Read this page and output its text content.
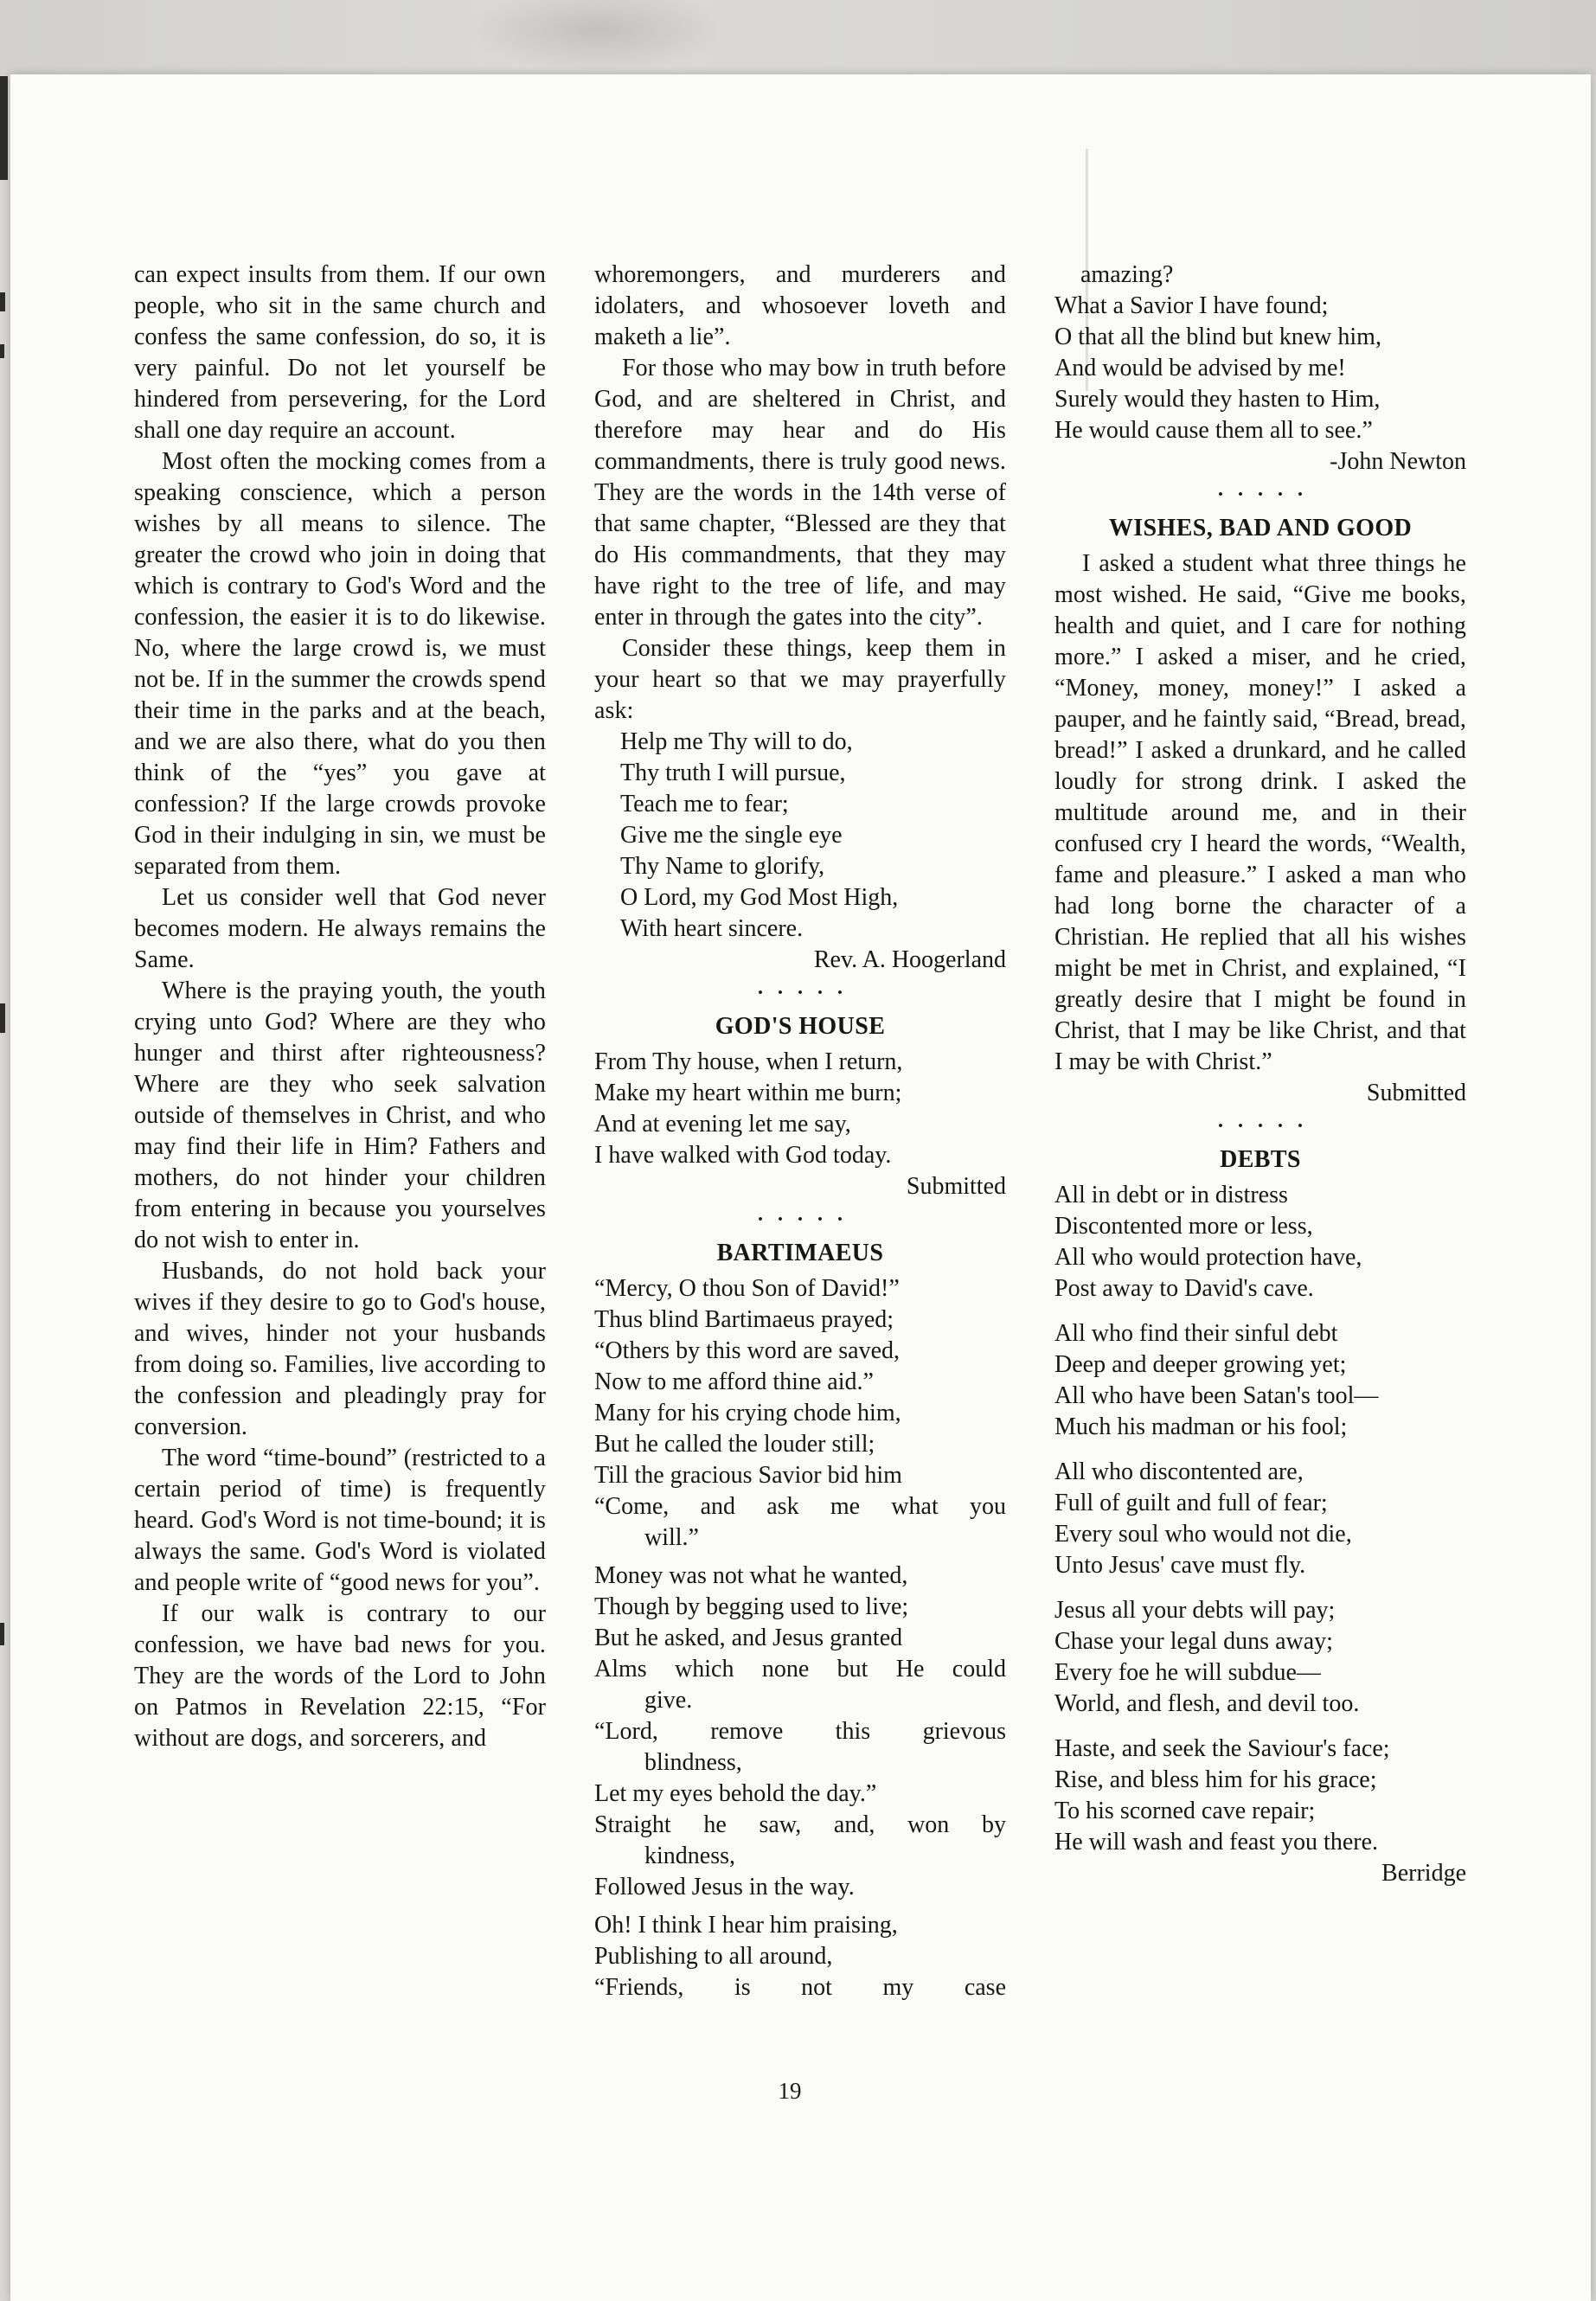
can expect insults from them. If our own people, who sit in the same church and confess the same confession, do so, it is very painful. Do not let yourself be hindered from persevering, for the Lord shall one day require an account.

Most often the mocking comes from a speaking conscience, which a person wishes by all means to silence. The greater the crowd who join in doing that which is contrary to God's Word and the confession, the easier it is to do likewise. No, where the large crowd is, we must not be. If in the summer the crowds spend their time in the parks and at the beach, and we are also there, what do you then think of the “yes” you gave at confession? If the large crowds provoke God in their indulging in sin, we must be separated from them.

Let us consider well that God never becomes modern. He always remains the Same.

Where is the praying youth, the youth crying unto God? Where are they who hunger and thirst after righteousness? Where are they who seek salvation outside of themselves in Christ, and who may find their life in Him? Fathers and mothers, do not hinder your children from entering in because you yourselves do not wish to enter in.

Husbands, do not hold back your wives if they desire to go to God's house, and wives, hinder not your husbands from doing so. Families, live according to the confession and pleadingly pray for conversion.

The word “time-bound” (restricted to a certain period of time) is frequently heard. God's Word is not time-bound; it is always the same. God's Word is violated and people write of “good news for you”.

If our walk is contrary to our confession, we have bad news for you. They are the words of the Lord to John on Patmos in Revelation 22:15, “For without are dogs, and sorcerers, and

whoremongers, and murderers and idolaters, and whosoever loveth and maketh a lie”.

For those who may bow in truth before God, and are sheltered in Christ, and therefore may hear and do His commandments, there is truly good news. They are the words in the 14th verse of that same chapter, “Blessed are they that do His commandments, that they may have right to the tree of life, and may enter in through the gates into the city”.

Consider these things, keep them in your heart so that we may prayerfully ask:

Help me Thy will to do,
Thy truth I will pursue,
Teach me to fear;
Give me the single eye
Thy Name to glorify,
O Lord, my God Most High,
With heart sincere.
Rev. A. Hoogerland
• • • • •
GOD'S HOUSE
From Thy house, when I return,
Make my heart within me burn;
And at evening let me say,
I have walked with God today.
Submitted
• • • • •
BARTIMAEUS
“Mercy, O thou Son of David!”
Thus blind Bartimaeus prayed;
“Others by this word are saved,
Now to me afford thine aid.”
Many for his crying chode him,
But he called the louder still;
Till the gracious Savior bid him
“Come, and ask me what you
will.”
Money was not what he wanted,
Though by begging used to live;
But he asked, and Jesus granted
Alms which none but He could
give.
“Lord, remove this grievous
blindness,
Let my eyes behold the day.”
Straight he saw, and, won by
kindness,
Followed Jesus in the way.
Oh! I think I hear him praising,
Publishing to all around,
“Friends, is not my case
amazing?
What a Savior I have found;
O that all the blind but knew him,
And would be advised by me!
Surely would they hasten to Him,
He would cause them all to see.”
-John Newton
• • • • •
WISHES, BAD AND GOOD

I asked a student what three things he most wished. He said, “Give me books, health and quiet, and I care for nothing more.” I asked a miser, and he cried, “Money, money, money!” I asked a pauper, and he faintly said, “Bread, bread, bread!” I asked a drunkard, and he called loudly for strong drink. I asked the multitude around me, and in their confused cry I heard the words, “Wealth, fame and pleasure.” I asked a man who had long borne the character of a Christian. He replied that all his wishes might be met in Christ, and explained, “I greatly desire that I might be found in Christ, that I may be like Christ, and that I may be with Christ.”

Submitted
• • • • •
DEBTS
All in debt or in distress
Discontented more or less,
All who would protection have,
Post away to David's cave.
All who find their sinful debt
Deep and deeper growing yet;
All who have been Satan's tool—
Much his madman or his fool;
All who discontented are,
Full of guilt and full of fear;
Every soul who would not die,
Unto Jesus' cave must fly.
Jesus all your debts will pay;
Chase your legal duns away;
Every foe he will subdue—
World, and flesh, and devil too.
Haste, and seek the Saviour's face;
Rise, and bless him for his grace;
To his scorned cave repair;
He will wash and feast you there.
Berridge
19
